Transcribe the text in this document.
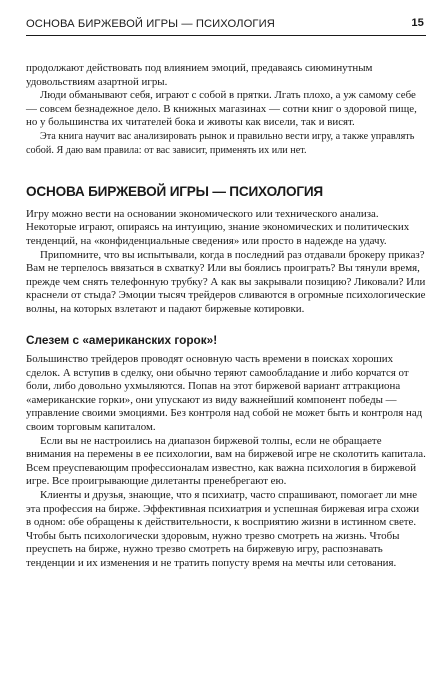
ОСНОВА БИРЖЕВОЙ ИГРЫ — ПСИХОЛОГИЯ	15

продолжают действовать под влиянием эмоций, предаваясь сиюминутным удовольствиям азартной игры.

Люди обманывают себя, играют с собой в прятки. Лгать плохо, а уж самому себе — совсем безнадежное дело. В книжных магазинах — сотни книг о здоровой пище, но у большинства их читателей бока и животы как висели, так и висят.

Эта книга научит вас анализировать рынок и правильно вести игру, а также управлять собой. Я даю вам правила: от вас зависит, применять их или нет.

ОСНОВА БИРЖЕВОЙ ИГРЫ — ПСИХОЛОГИЯ

Игру можно вести на основании экономического или технического анализа. Некоторые играют, опираясь на интуицию, знание экономических и политических тенденций, на «конфиденциальные сведения» или просто в надежде на удачу.

Припомните, что вы испытывали, когда в последний раз отдавали брокеру приказ? Вам не терпелось ввязаться в схватку? Или вы боялись проиграть? Вы тянули время, прежде чем снять телефонную трубку? А как вы закрывали позицию? Ликовали? Или краснели от стыда? Эмоции тысяч трейдеров сливаются в огромные психологические волны, на которых взлетают и падают биржевые котировки.

Слезем с «американских горок»!

Большинство трейдеров проводят основную часть времени в поисках хороших сделок. А вступив в сделку, они обычно теряют самообладание и либо корчатся от боли, либо довольно ухмыляются. Попав на этот биржевой вариант аттракциона «американские горки», они упускают из виду важнейший компонент победы — управление своими эмоциями. Без контроля над собой не может быть и контроля над своим торговым капиталом.

Если вы не настроились на диапазон биржевой толпы, если не обращаете внимания на перемены в ее психологии, вам на биржевой игре не сколотить капитала. Всем преуспевающим профессионалам известно, как важна психология в биржевой игре. Все проигрывающие дилетанты пренебрегают ею.

Клиенты и друзья, знающие, что я психиатр, часто спрашивают, помогает ли мне эта профессия на бирже. Эффективная психиатрия и успешная биржевая игра схожи в одном: обе обращены к действительности, к восприятию жизни в истинном свете. Чтобы быть психологически здоровым, нужно трезво смотреть на жизнь. Чтобы преуспеть на бирже, нужно трезво смотреть на биржевую игру, распознавать тенденции и их изменения и не тратить попусту время на мечты или сетования.
